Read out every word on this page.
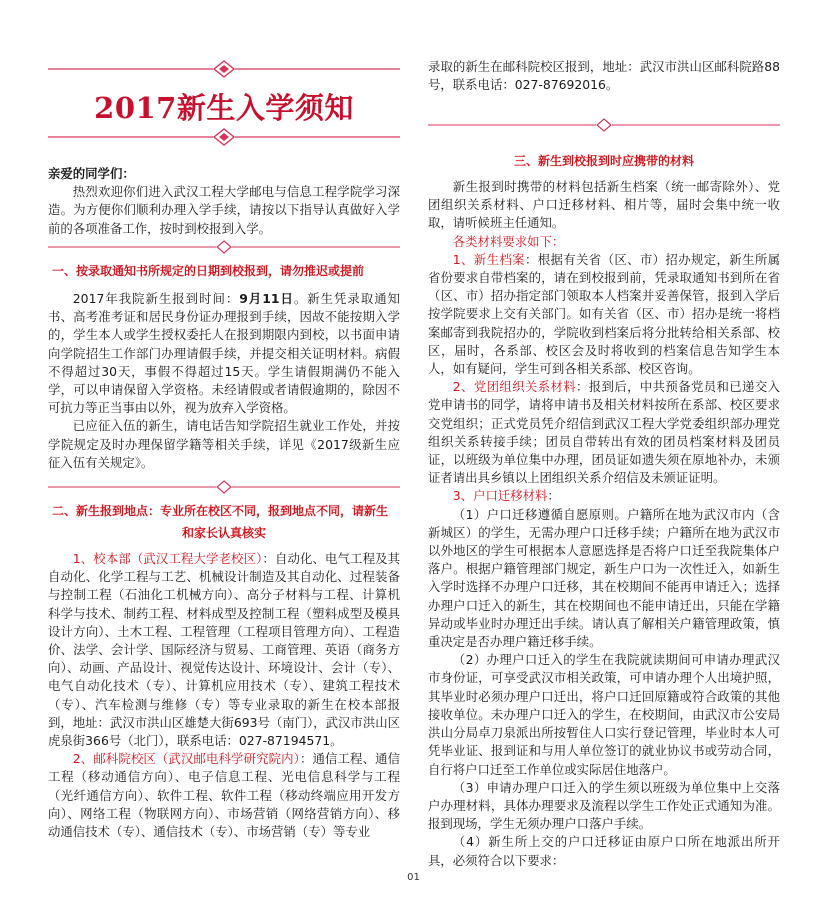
2017新生入学须知

亲爱的同学们：

热烈欢迎你们进入武汉工程大学邮电与信息工程学院学习深造。为方便你们顺利办理入学手续，请按以下指导认真做好入学前的各项准备工作，按时到校报到入学。

一、按录取通知书所规定的日期到校报到，请勿推迟或提前

2017年我院新生报到时间：9月11日。新生凭录取通知书、高考准考证和居民身份证办理报到手续，因故不能按期入学的，学生本人或学生授权委托人在报到期限内到校，以书面申请向学院招生工作部门办理请假手续，并提交相关证明材料。病假不得超过30天，事假不得超过15天。学生请假期满仍不能入学，可以申请保留入学资格。未经请假或者请假逾期的，除因不可抗力等正当事由以外，视为放弃入学资格。

已应征入伍的新生，请电话告知学院招生就业工作处，并按学院规定及时办理保留学籍等相关手续，详见《2017级新生应征入伍有关规定》。

二、新生报到地点：专业所在校区不同，报到地点不同，请新生
和家长认真核实

1、校本部（武汉工程大学老校区）：自动化、电气工程及其自动化、化学工程与工艺、机械设计制造及其自动化、过程装备与控制工程（石油化工机械方向）、高分子材料与工程、计算机科学与技术、制药工程、材料成型及控制工程（塑料成型及模具设计方向）、土木工程、工程管理（工程项目管理方向）、工程造价、法学、会计学、国际经济与贸易、工商管理、英语（商务方向）、动画、产品设计、视觉传达设计、环境设计、会计（专）、电气自动化技术（专）、计算机应用技术（专）、建筑工程技术（专）、汽车检测与维修（专）等专业录取的新生在校本部报到，地址：武汉市洪山区雄楚大街693号（南门），武汉市洪山区虎泉街366号（北门），联系电话：027-87194571。

2、邮科院校区（武汉邮电科学研究院内）：通信工程、通信工程（移动通信方向）、电子信息工程、光电信息科学与工程（光纤通信方向）、软件工程、软件工程（移动终端应用开发方向）、网络工程（物联网方向）、市场营销（网络营销方向）、移动通信技术（专）、通信技术（专）、市场营销（专）等专业

录取的新生在邮科院校区报到，地址：武汉市洪山区邮科院路88号，联系电话：027-87692016。

三、新生到校报到时应携带的材料

新生报到时携带的材料包括新生档案（统一邮寄除外）、党团组织关系材料、户口迁移材料、相片等，届时会集中统一收取，请听候班主任通知。

各类材料要求如下：

1、新生档案：根据有关省（区、市）招办规定，新生所属省份要求自带档案的，请在到校报到前，凭录取通知书到所在省（区、市）招办指定部门领取本人档案并妥善保管，报到入学后按学院要求上交有关部门。如有关省（区、市）招办是统一将档案邮寄到我院招办的，学院收到档案后将分批转给相关系部、校区，届时，各系部、校区会及时将收到的档案信息告知学生本人，如有疑问，学生可到各相关系部、校区咨询。

2、党团组织关系材料：报到后，中共预备党员和已递交入党申请书的同学，请将申请书及相关材料按所在系部、校区要求交党组织；正式党员凭介绍信到武汉工程大学党委组织部办理党组织关系转接手续；团员自带转出有效的团员档案材料及团员证，以班级为单位集中办理，团员证如遗失须在原地补办，未颁证者请出具乡镇以上团组织关系介绍信及未颁证证明。

3、户口迁移材料：

（1）户口迁移遵循自愿原则。户籍所在地为武汉市内（含新城区）的学生，无需办理户口迁移手续；户籍所在地为武汉市以外地区的学生可根据本人意愿选择是否将户口迁至我院集体户落户。根据户籍管理部门规定，新生户口为一次性迁入，如新生入学时选择不办理户口迁移，其在校期间不能再申请迁入；选择办理户口迁入的新生，其在校期间也不能申请迁出，只能在学籍异动或毕业时办理迁出手续。请认真了解相关户籍管理政策，慎重决定是否办理户籍迁移手续。

（2）办理户口迁入的学生在我院就读期间可申请办理武汉市身份证，可享受武汉市相关政策，可申请办理个人出境护照，其毕业时必须办理户口迁出，将户口迁回原籍或符合政策的其他接收单位。未办理户口迁入的学生，在校期间，由武汉市公安局洪山分局卓刀泉派出所按暂住人口实行登记管理，毕业时本人可凭毕业证、报到证和与用人单位签订的就业协议书或劳动合同，自行将户口迁至工作单位或实际居住地落户。

（3）申请办理户口迁入的学生须以班级为单位集中上交落户办理材料，具体办理要求及流程以学生工作处正式通知为准。报到现场，学生无须办理户口落户手续。

（4）新生所上交的户口迁移证由原户口所在地派出所开具，必须符合以下要求：

01
